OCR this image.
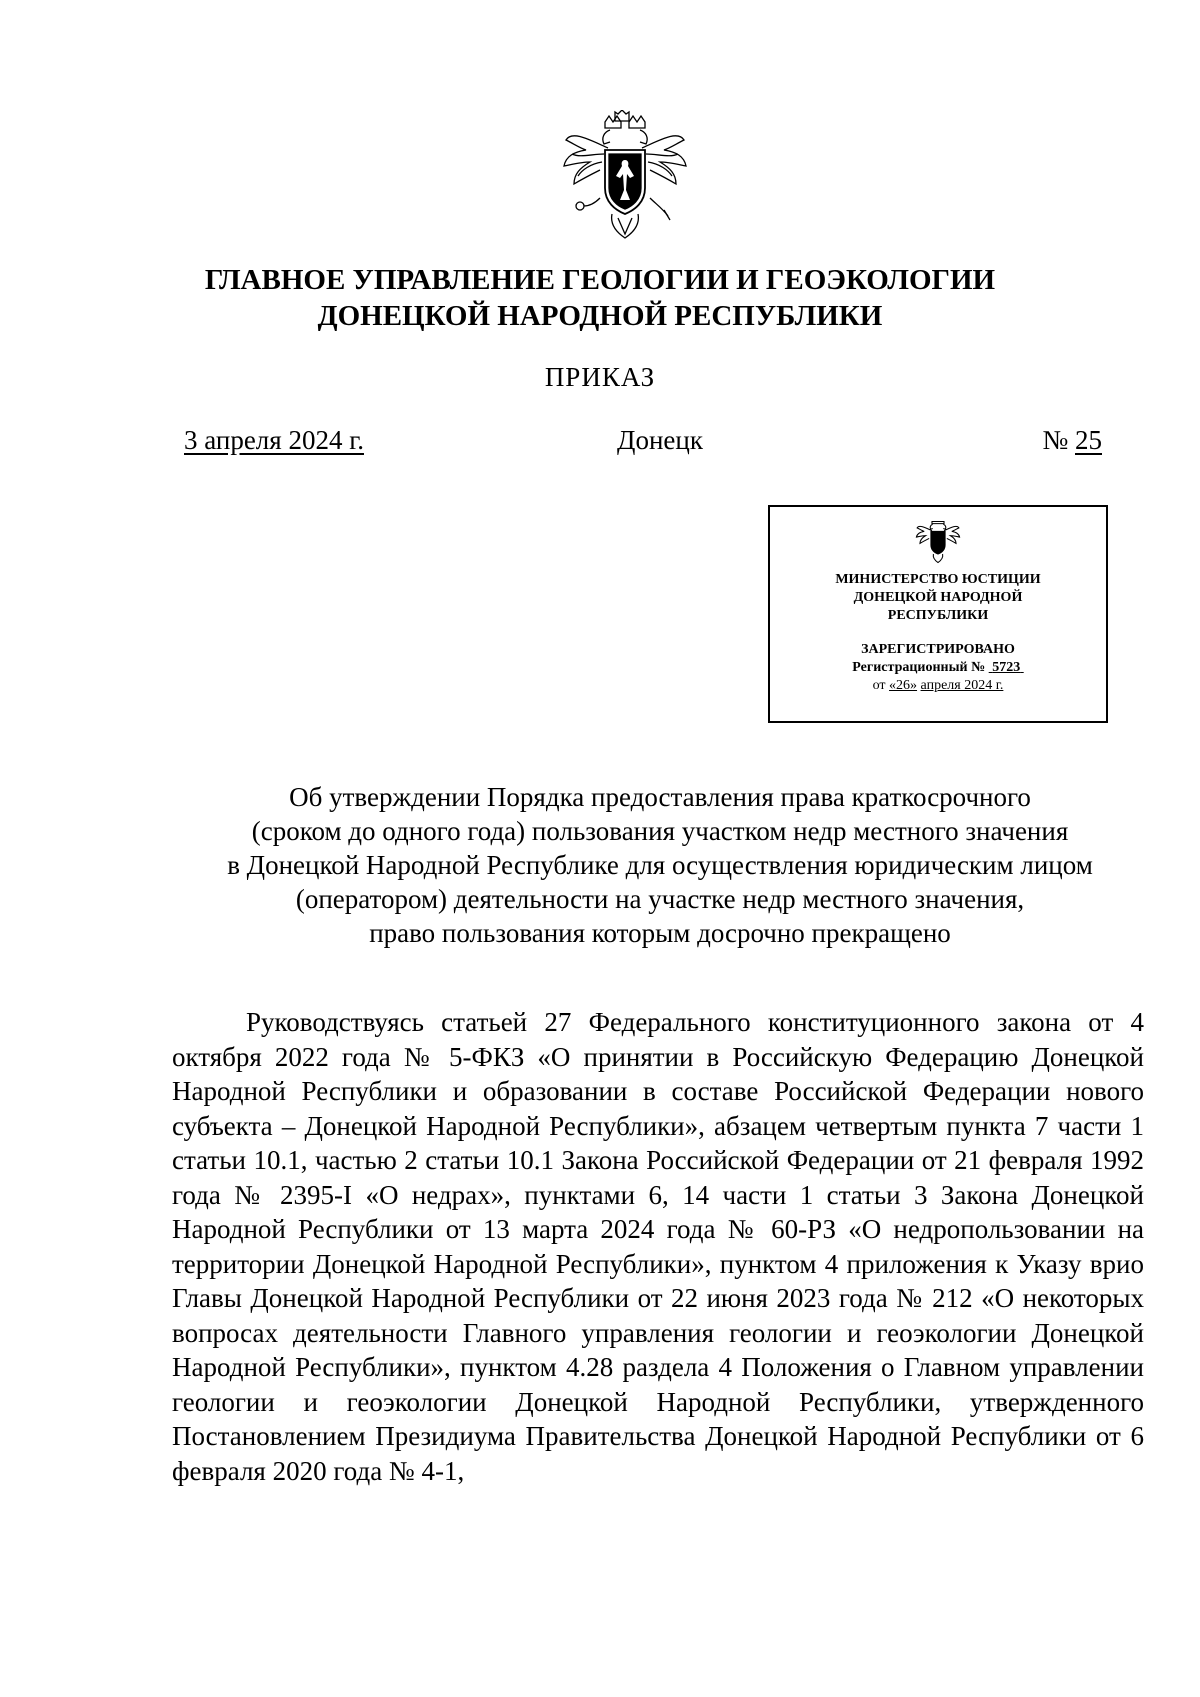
ГЛАВНОЕ УПРАВЛЕНИЕ ГЕОЛОГИИ И ГЕОЭКОЛОГИИ
ДОНЕЦКОЙ НАРОДНОЙ РЕСПУБЛИКИ
ПРИКАЗ
3 апреля 2024 г.	Донецк	№ 25
МИНИСТЕРСТВО ЮСТИЦИИ
ДОНЕЦКОЙ НАРОДНОЙ
РЕСПУБЛИКИ
ЗАРЕГИСТРИРОВАНО
Регистрационный № 5723
от «26» апреля 2024 г.
Об утверждении Порядка предоставления права краткосрочного
(сроком до одного года) пользования участком недр местного значения
в Донецкой Народной Республике для осуществления юридическим лицом
(оператором) деятельности на участке недр местного значения,
право пользования которым досрочно прекращено
Руководствуясь статьей 27 Федерального конституционного закона от 4 октября 2022 года № 5-ФКЗ «О принятии в Российскую Федерацию Донецкой Народной Республики и образовании в составе Российской Федерации нового субъекта – Донецкой Народной Республики», абзацем четвертым пункта 7 части 1 статьи 10.1, частью 2 статьи 10.1 Закона Российской Федерации от 21 февраля 1992 года № 2395-I «О недрах», пунктами 6, 14 части 1 статьи 3 Закона Донецкой Народной Республики от 13 марта 2024 года № 60-РЗ «О недропользовании на территории Донецкой Народной Республики», пунктом 4 приложения к Указу врио Главы Донецкой Народной Республики от 22 июня 2023 года № 212 «О некоторых вопросах деятельности Главного управления геологии и геоэкологии Донецкой Народной Республики», пунктом 4.28 раздела 4 Положения о Главном управлении геологии и геоэкологии Донецкой Народной Республики, утвержденного Постановлением Президиума Правительства Донецкой Народной Республики от 6 февраля 2020 года № 4-1,
